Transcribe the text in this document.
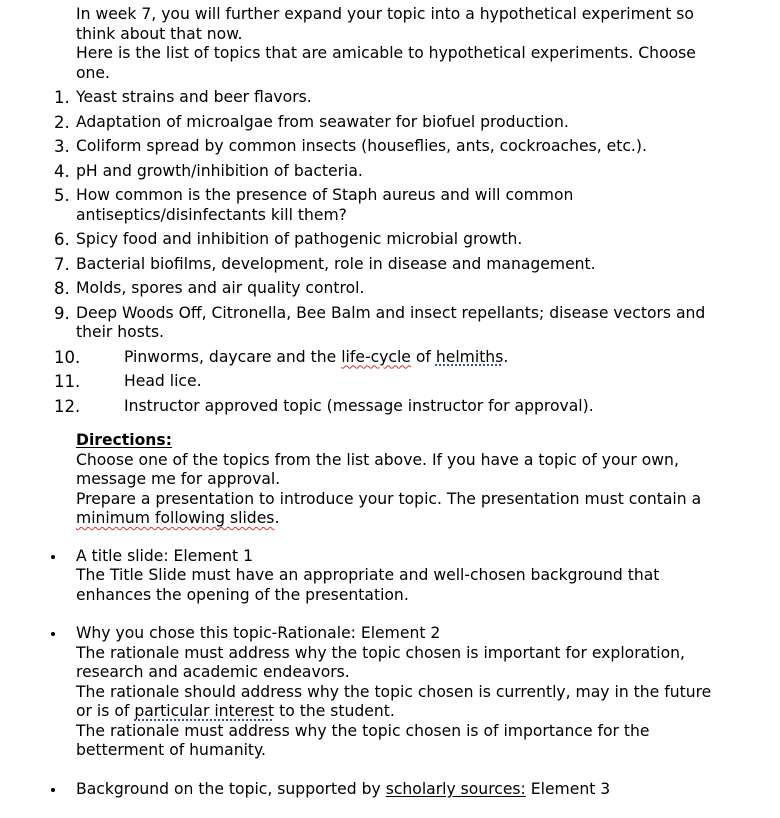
In week 7, you will further expand your topic into a hypothetical experiment so think about that now.
Here is the list of topics that are amicable to hypothetical experiments. Choose one.
1. Yeast strains and beer flavors.
2. Adaptation of microalgae from seawater for biofuel production.
3. Coliform spread by common insects (houseflies, ants, cockroaches, etc.).
4. pH and growth/inhibition of bacteria.
5. How common is the presence of Staph aureus and will common antiseptics/disinfectants kill them?
6. Spicy food and inhibition of pathogenic microbial growth.
7. Bacterial biofilms, development, role in disease and management.
8. Molds, spores and air quality control.
9. Deep Woods Off, Citronella, Bee Balm and insect repellants; disease vectors and their hosts.
10.	Pinworms, daycare and the life-cycle of helmiths.
11.	Head lice.
12.	Instructor approved topic (message instructor for approval).
Directions:
Choose one of the topics from the list above. If you have a topic of your own, message me for approval.
Prepare a presentation to introduce your topic. The presentation must contain a minimum following slides.
A title slide: Element 1
The Title Slide must have an appropriate and well-chosen background that enhances the opening of the presentation.
Why you chose this topic-Rationale: Element 2
The rationale must address why the topic chosen is important for exploration, research and academic endeavors.
The rationale should address why the topic chosen is currently, may in the future or is of particular interest to the student.
The rationale must address why the topic chosen is of importance for the betterment of humanity.
Background on the topic, supported by scholarly sources: Element 3
